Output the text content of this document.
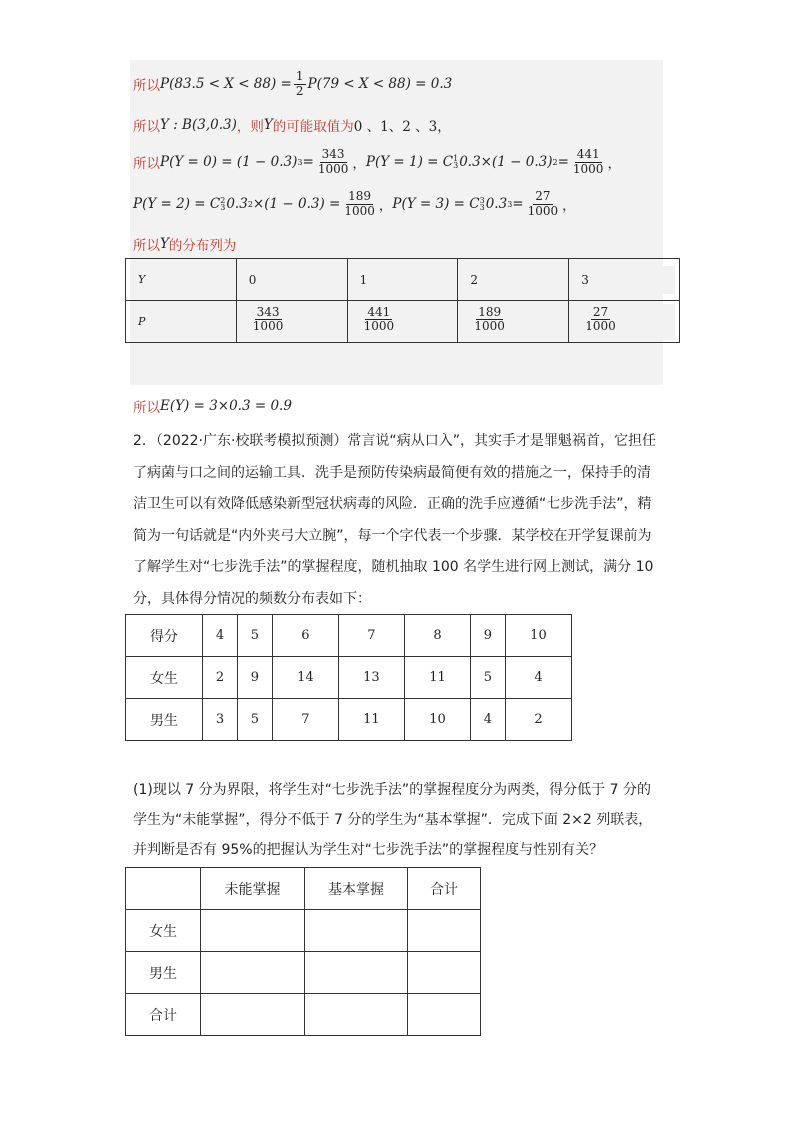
所以 $P(83.5 < X < 88) = \frac{1}{2} P(79 < X < 88) = 0.3$
所以 Y : B(3,0.3) ，则 Y 的可能取值为 0 、1、2 、3，
所以 P(Y = 0) = (1 − 0.3) $3 = \frac{343}{1000}$ ， P(Y = 1) = C 1
3 0.3×(1 − 0.3) $2 = \frac{441}{1000}$ ，
P(Y = 2) = C 2
3 0.3 $2 \times(1 - 0.3) = \frac{189}{1000}$ ， P(Y = 3) = C 3
3 0.3 $3 = \frac{27}{1000}$ ，
所以 Y 的分布列为
Y	0	1	2	3
P	$\frac{343}{1000}$	$\frac{441}{1000}$	$\frac{189}{1000}$	$\frac{27}{1000}$
所以 E(Y) = 3×0.3 = 0.9
2．（2022·广东·校联考模拟预测）常言说“病从口入”，其实手才是罪魁祸首，它担任了病菌与口之间的运输工具．洗手是预防传染病最简便有效的措施之一，保持手的清洁卫生可以有效降低感染新型冠状病毒的风险．正确的洗手应遵循“七步洗手法”，精简为一句话就是“内外夹弓大立腕”，每一个字代表一个步骤．某学校在开学复课前为了解学生对“七步洗手法”的掌握程度，随机抽取 100 名学生进行网上测试，满分 10 分，具体得分情况的频数分布表如下：
得分	4	5	6	7	8	9	10
女生	2	9	14	13	11	5	4
男生	3	5	7	11	10	4	2
(1)现以 7 分为界限，将学生对“七步洗手法”的掌握程度分为两类，得分低于 7 分的学生为“未能掌握”，得分不低于 7 分的学生为“基本掌握”．完成下面 2×2 列联表，并判断是否有 95%的把握认为学生对“七步洗手法”的掌握程度与性别有关？
	未能掌握	基本掌握	合计
女生			
男生			
合计			
